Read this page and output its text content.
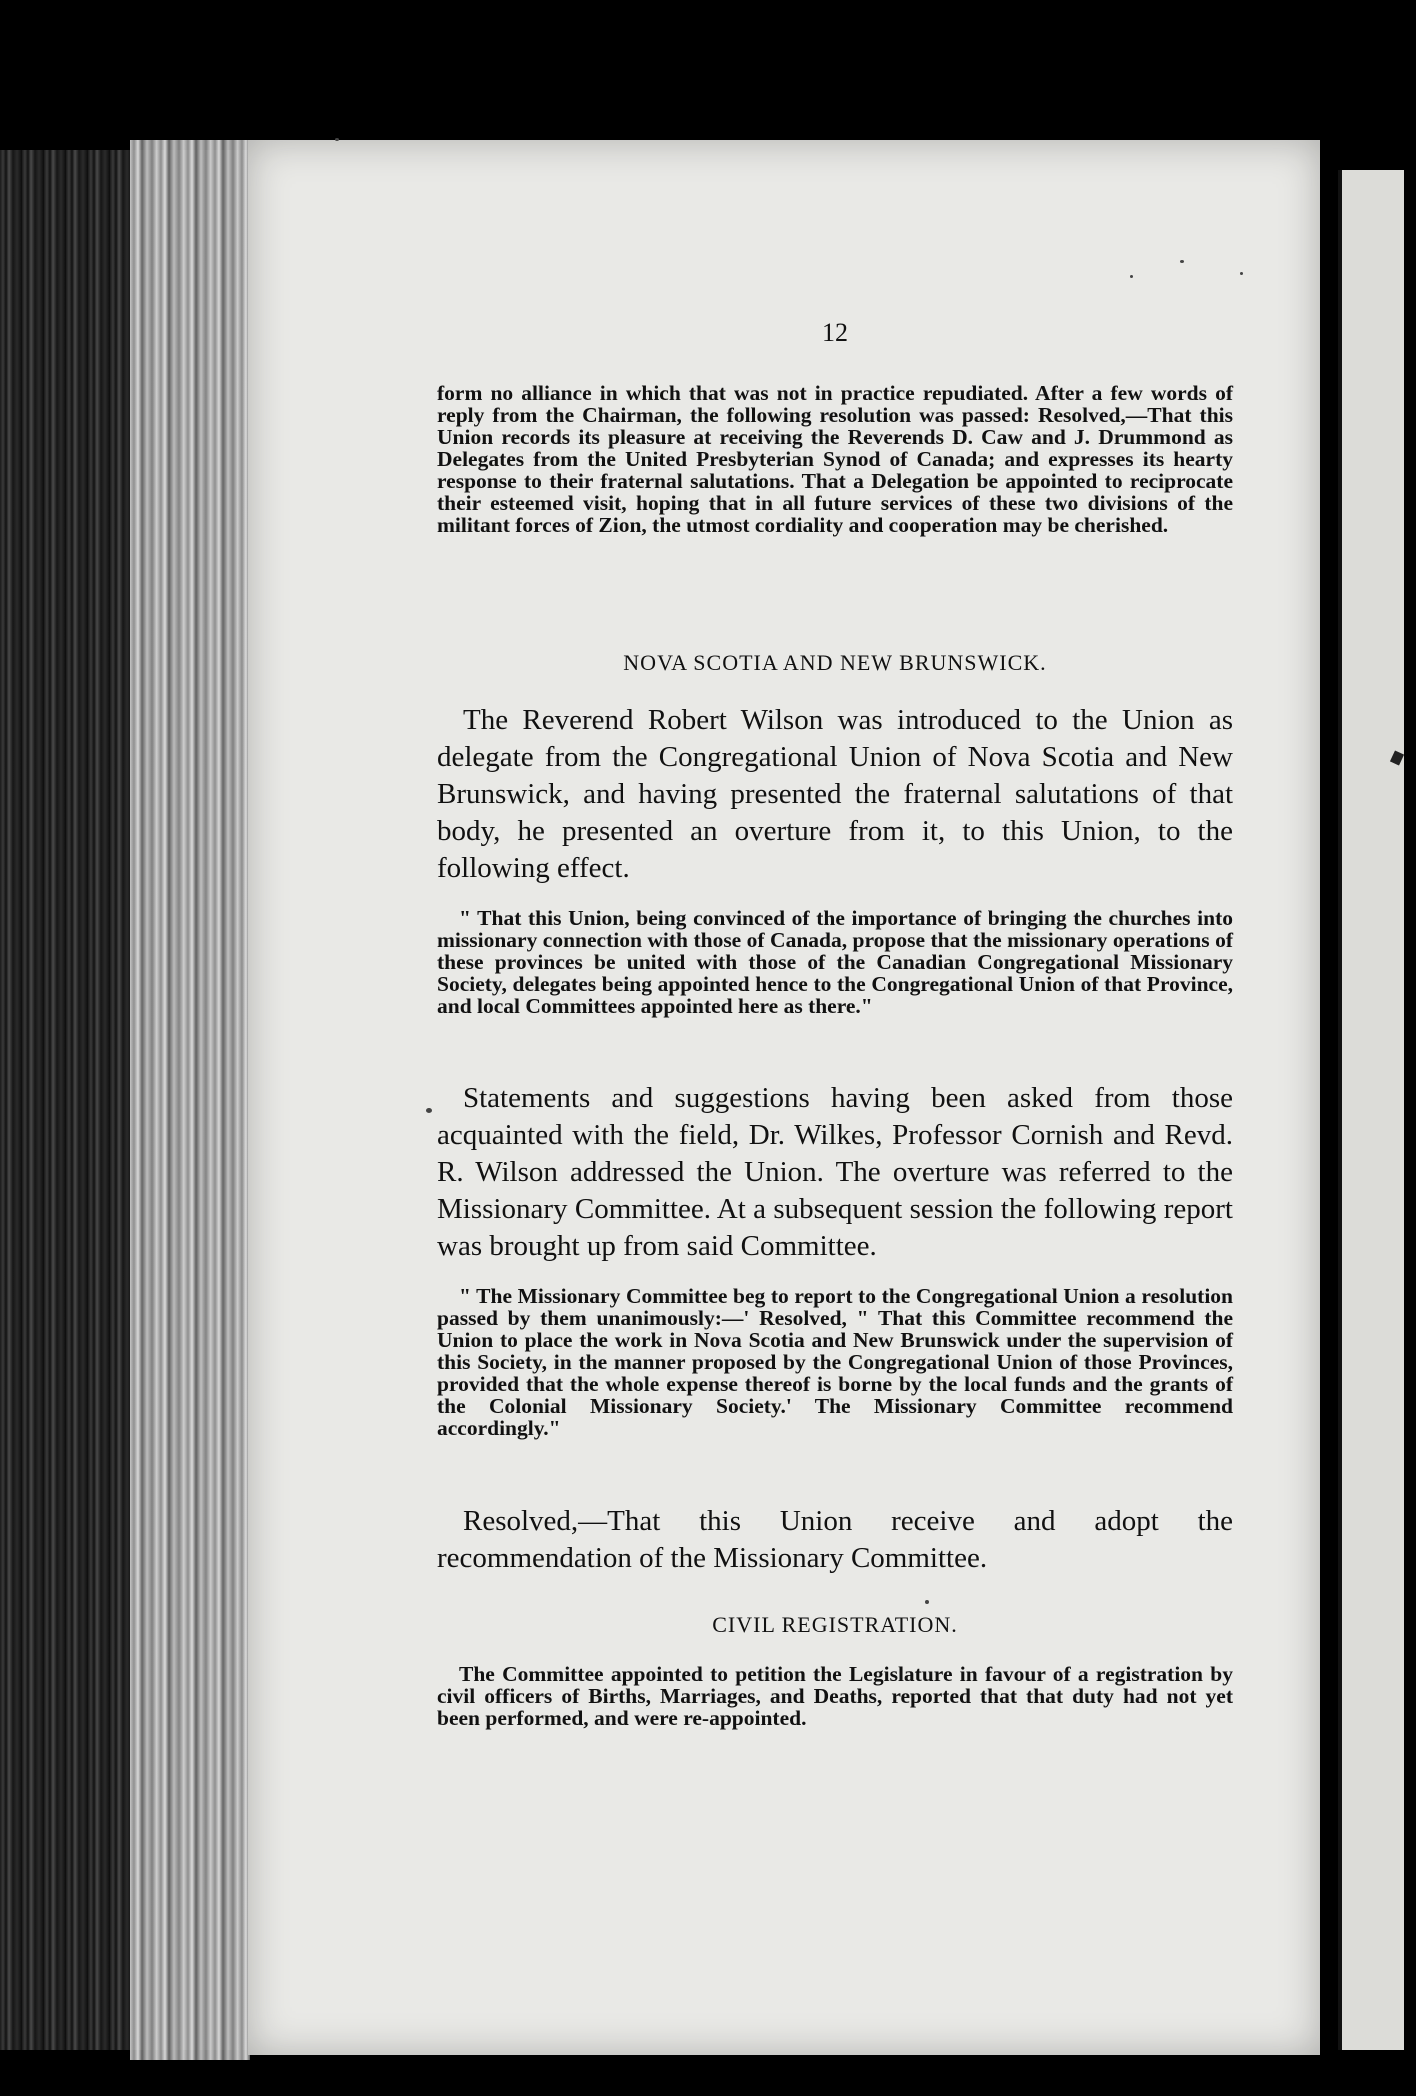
12

form no alliance in which that was not in practice repudiated. After a few words of reply from the Chairman, the following resolution was passed: Resolved,—That this Union records its pleasure at receiving the Reverends D. Caw and J. Drummond as Delegates from the United Presbyterian Synod of Canada; and expresses its hearty response to their fraternal salutations. That a Delegation be appointed to reciprocate their esteemed visit, hoping that in all future services of these two divisions of the militant forces of Zion, the utmost cordiality and cooperation may be cherished.

NOVA SCOTIA AND NEW BRUNSWICK.

The Reverend Robert Wilson was introduced to the Union as delegate from the Congregational Union of Nova Scotia and New Brunswick, and having presented the fraternal salutations of that body, he presented an overture from it, to this Union, to the following effect.

" That this Union, being convinced of the importance of bringing the churches into missionary connection with those of Canada, propose that the missionary operations of these provinces be united with those of the Canadian Congregational Missionary Society, delegates being appointed hence to the Congregational Union of that Province, and local Committees appointed here as there."

Statements and suggestions having been asked from those acquainted with the field, Dr. Wilkes, Professor Cornish and Revd. R. Wilson addressed the Union. The overture was referred to the Missionary Committee. At a subsequent session the following report was brought up from said Committee.

" The Missionary Committee beg to report to the Congregational Union a resolution passed by them unanimously:—' Resolved, " That this Committee recommend the Union to place the work in Nova Scotia and New Brunswick under the supervision of this Society, in the manner proposed by the Congregational Union of those Provinces, provided that the whole expense thereof is borne by the local funds and the grants of the Colonial Missionary Society.' The Missionary Committee recommend accordingly."

Resolved,—That this Union receive and adopt the recommendation of the Missionary Committee.

CIVIL REGISTRATION.

The Committee appointed to petition the Legislature in favour of a registration by civil officers of Births, Marriages, and Deaths, reported that that duty had not yet been performed, and were re-appointed.
